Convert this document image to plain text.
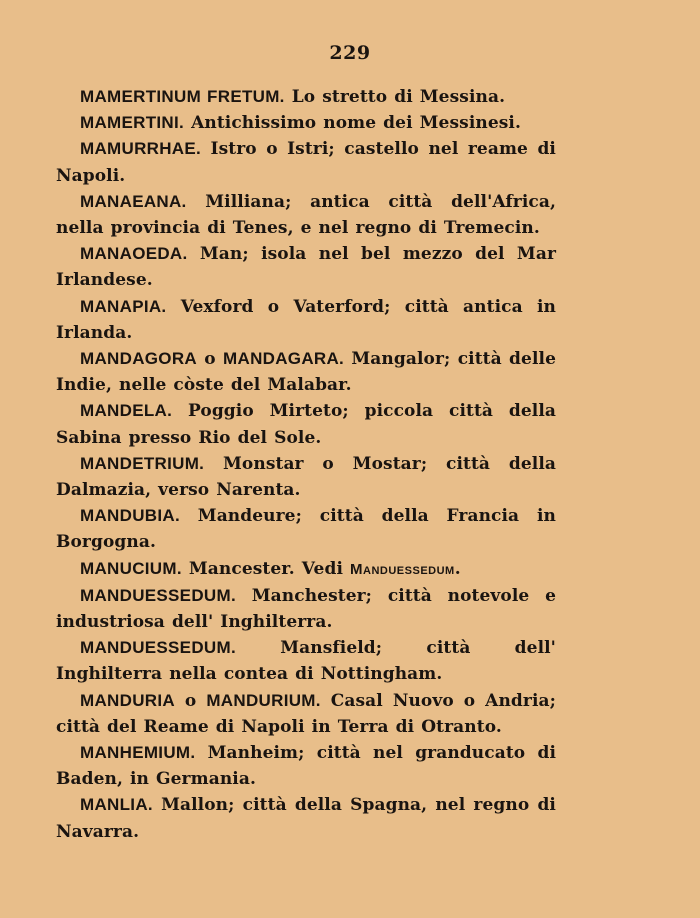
229
MAMERTINUM FRETUM. Lo stretto di Messina.
MAMERTINI. Antichissimo nome dei Messinesi.
MAMURRHAE. Istro o Istri; castello nel reame di Napoli.
MANAEANA. Milliana; antica città dell'Africa, nella provincia di Tenes, e nel regno di Tremecin.
MANAOEDA. Man; isola nel bel mezzo del Mar Irlandese.
MANAPIA. Vexford o Vaterford; città antica in Irlanda.
MANDAGORA o MANDAGARA. Mangalor; città delle Indie, nelle còste del Malabar.
MANDELA. Poggio Mirteto; piccola città della Sabina presso Rio del Sole.
MANDETRIUM. Monstar o Mostar; città della Dalmazia, verso Narenta.
MANDUBIA. Mandeure; città della Francia in Borgogna.
MANUCIUM. Mancester. Vedi Manduessedum.
MANDUESSEDUM. Manchester; città notevole e industriosa dell' Inghilterra.
MANDUESSEDUM. Mansfield; città dell' Inghilterra nella contea di Nottingham.
MANDURIA o MANDURIUM. Casal Nuovo o Andria; città del Reame di Napoli in Terra di Otranto.
MANHEMIUM. Manheim; città nel granducato di Baden, in Germania.
MANLIA. Mallon; città della Spagna, nel regno di Navarra.
